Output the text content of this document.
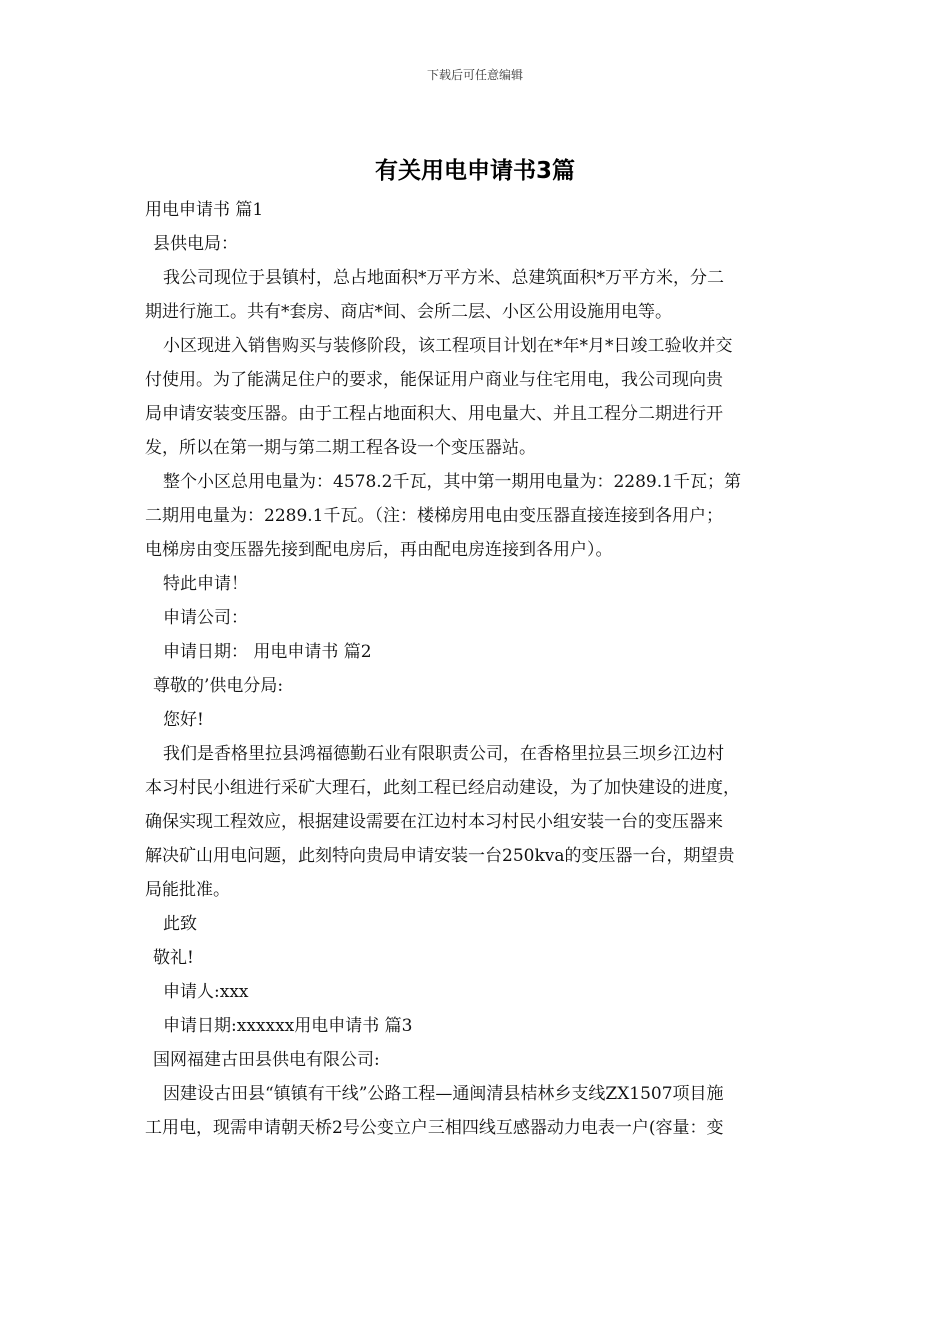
下载后可任意编辑
有关用电申请书3篇
用电申请书 篇1
县供电局：
我公司现位于县镇村，总占地面积*万平方米、总建筑面积*万平方米，分二
期进行施工。共有*套房、商店*间、会所二层、小区公用设施用电等。
小区现进入销售购买与装修阶段，该工程项目计划在*年*月*日竣工验收并交
付使用。为了能满足住户的要求，能保证用户商业与住宅用电，我公司现向贵
局申请安装变压器。由于工程占地面积大、用电量大、并且工程分二期进行开
发，所以在第一期与第二期工程各设一个变压器站。
整个小区总用电量为：4578.2千瓦，其中第一期用电量为：2289.1千瓦；第
二期用电量为：2289.1千瓦。（注：楼梯房用电由变压器直接连接到各用户；
电梯房由变压器先接到配电房后，再由配电房连接到各用户）。
特此申请！
申请公司：
申请日期： 用电申请书 篇2
尊敬的’供电分局:
您好!
我们是香格里拉县鸿福德勤石业有限职责公司，在香格里拉县三坝乡江边村
本习村民小组进行采矿大理石，此刻工程已经启动建设，为了加快建设的进度，
确保实现工程效应，根据建设需要在江边村本习村民小组安装一台的变压器来
解决矿山用电问题，此刻特向贵局申请安装一台250kva的变压器一台，期望贵
局能批准。
此致
敬礼!
申请人:xxx
申请日期:xxxxxx用电申请书 篇3
国网福建古田县供电有限公司:
因建设古田县“镇镇有干线”公路工程—通闽清县桔林乡支线ZX1507项目施
工用电，现需申请朝天桥2号公变立户三相四线互感器动力电表一户(容量：变
